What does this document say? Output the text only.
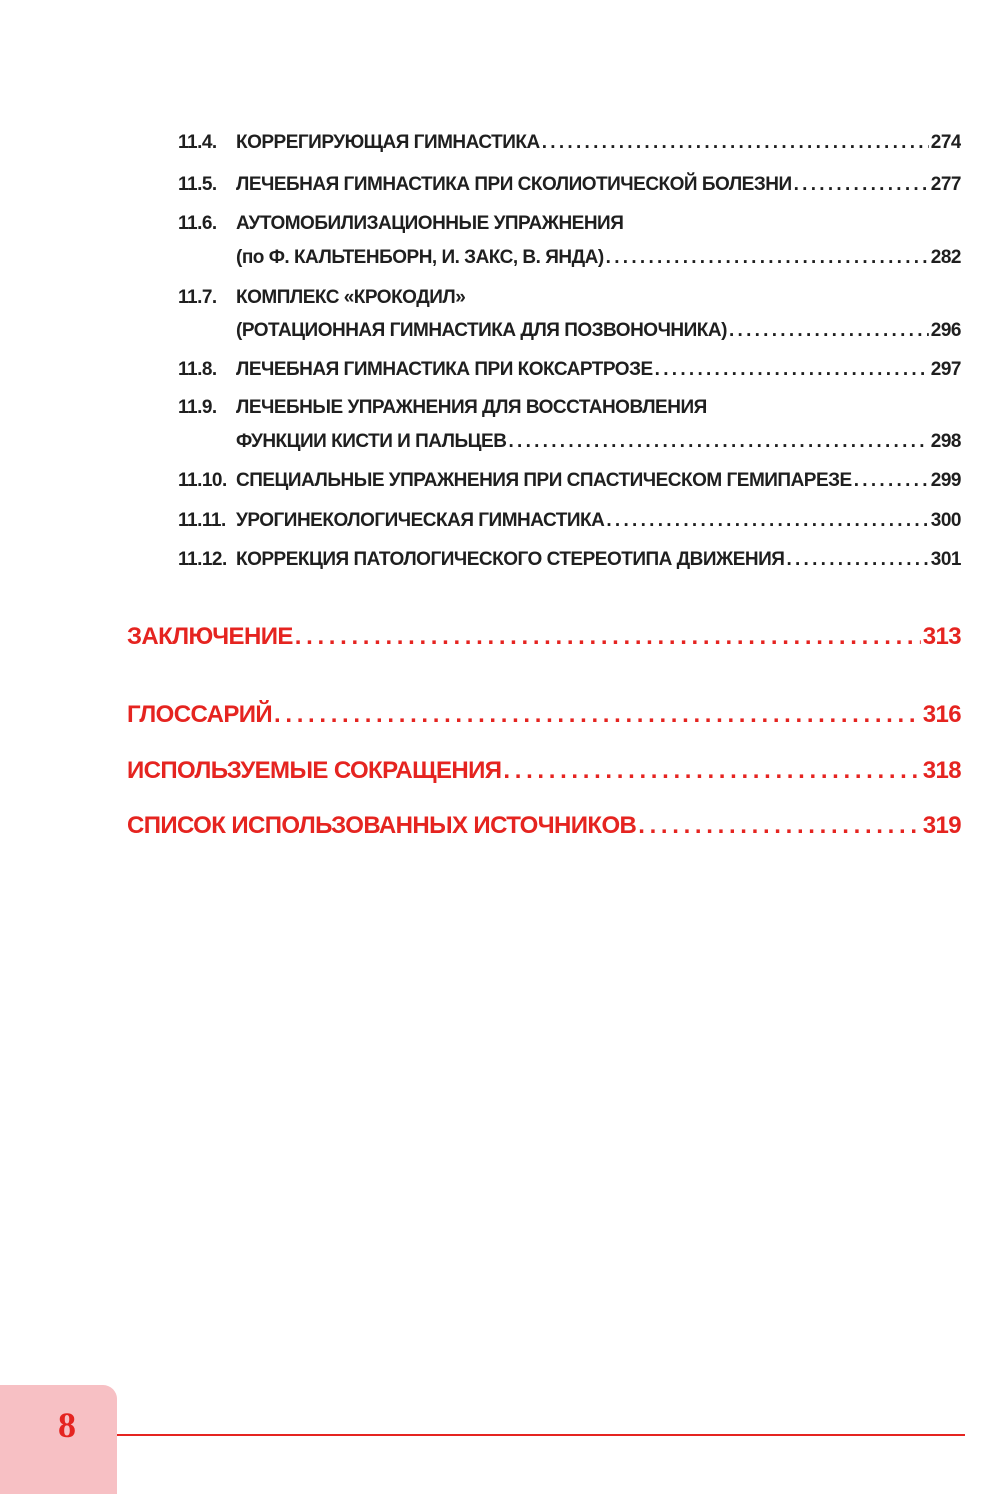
11.4.	КОРРЕГИРУЮЩАЯ ГИМНАСТИКА . . .	274
11.5.	ЛЕЧЕБНАЯ ГИМНАСТИКА ПРИ СКОЛИОТИЧЕСКОЙ БОЛЕЗНИ . . .	277
11.6.	АУТОМОБИЛИЗАЦИОННЫЕ УПРАЖНЕНИЯ
(по Ф. КАЛЬТЕНБОРН, И. ЗАКС, В. ЯНДА) . . .	282
11.7.	КОМПЛЕКС «КРОКОДИЛ»
(РОТАЦИОННАЯ ГИМНАСТИКА ДЛЯ ПОЗВОНОЧНИКА) . . .	296
11.8.	ЛЕЧЕБНАЯ ГИМНАСТИКА ПРИ КОКСАРТРОЗЕ . . .	297
11.9.	ЛЕЧЕБНЫЕ УПРАЖНЕНИЯ ДЛЯ ВОССТАНОВЛЕНИЯ
ФУНКЦИИ КИСТИ И ПАЛЬЦЕВ . . .	298
11.10. СПЕЦИАЛЬНЫЕ УПРАЖНЕНИЯ ПРИ СПАСТИЧЕСКОМ ГЕМИПАРЕЗЕ . . .	299
11.11. УРОГИНЕКОЛОГИЧЕСКАЯ ГИМНАСТИКА . . .	300
11.12. КОРРЕКЦИЯ ПАТОЛОГИЧЕСКОГО СТЕРЕОТИПА ДВИЖЕНИЯ . . .	301
ЗАКЛЮЧЕНИЕ . . .	313
ГЛОССАРИЙ . . .	316
ИСПОЛЬЗУЕМЫЕ СОКРАЩЕНИЯ . . .	318
СПИСОК ИСПОЛЬЗОВАННЫХ ИСТОЧНИКОВ . . .	319
8
